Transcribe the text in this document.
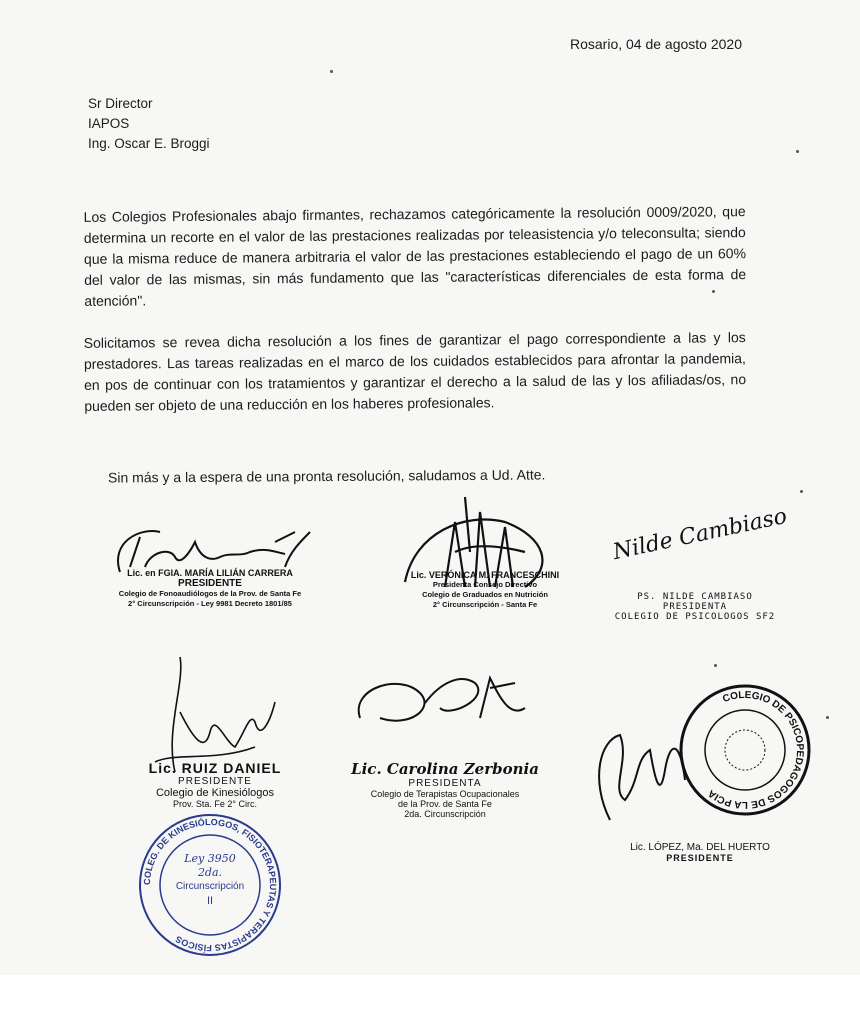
Rosario, 04 de agosto 2020
Sr Director
IAPOS
Ing. Oscar E. Broggi

Los Colegios Profesionales abajo firmantes, rechazamos categóricamente la resolución 0009/2020, que determina un recorte en el valor de las prestaciones realizadas por teleasistencia y/o teleconsulta; siendo que la misma reduce de manera arbitraria el valor de las prestaciones estableciendo el pago de un 60% del valor de las mismas, sin más fundamento que las "características diferenciales de esta forma de atención".

Solicitamos se revea dicha resolución a los fines de garantizar el pago correspondiente a las y los prestadores. Las tareas realizadas en el marco de los cuidados establecidos para afrontar la pandemia, en pos de continuar con los tratamientos y garantizar el derecho a la salud de las y los afiliadas/os, no pueden ser objeto de una reducción en los haberes profesionales.

Sin más y a la espera de una pronta resolución, saludamos a Ud. Atte.
Lic. en FGIA. MARÍA LILIÁN CARRERA
PRESIDENTE
Colegio de Fonoaudiólogos de la Prov. de Santa Fe
2° Circunscripción - Ley 9981 Decreto 1801/85
Lic. VERÓNICA M. FRANCESCHINI
Presidenta Consejo Directivo
Colegio de Graduados en Nutrición
2° Circunscripción - Santa Fe
Nilde Cambiaso
PS. NILDE CAMBIASO
PRESIDENTA
COLEGIO DE PSICOLOGOS SF2
Lic. RUIZ DANIEL
PRESIDENTE
Colegio de Kinesiólogos
Prov. Sta. Fe 2° Circ.
COLEG. DE KINESIÓLOGOS, FISIOTERAPEUTAS Y TERAPISTAS FÍSICOS
Ley 3950
2da.
Circunscripción
II
Lic. Carolina Zerbonia
PRESIDENTA
Colegio de Terapistas Ocupacionales
de la Prov. de Santa Fe
2da. Circunscripción
COLEGIO DE PSICOPEDAGOGOS DE LA PCIA
Lic. LÓPEZ, Ma. DEL HUERTO
PRESIDENTE
